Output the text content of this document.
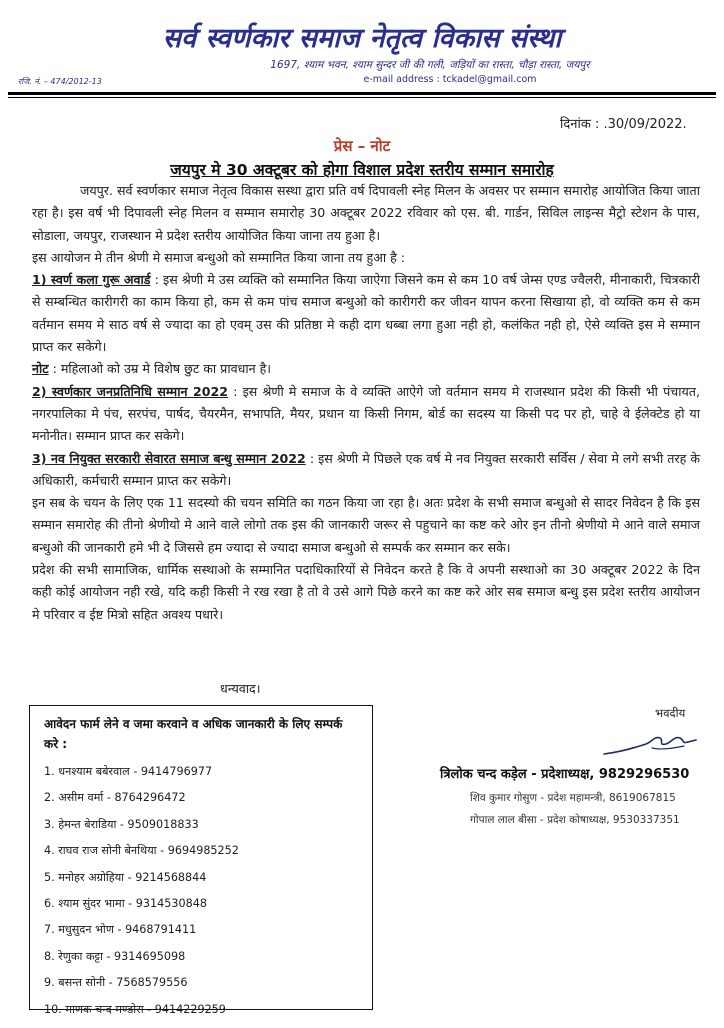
सर्व स्वर्णकार समाज नेतृत्व विकास संस्था
1697, श्याम भवन, श्याम सुन्दर जी की गली, जड़ियों का रास्ता, चौड़ा रास्ता, जयपुर
रजि. नं. – 474/2012-13	e-mail address : tckadel@gmail.com
दिनांक : .30/09/2022.
प्रेस – नोट
जयपुर मे 30 अक्टूबर को होगा विशाल प्रदेश स्तरीय सम्मान समारोह

जयपुर. सर्व स्वर्णकार समाज नेतृत्व विकास सस्था द्वारा प्रति वर्ष दिपावली स्नेह मिलन के अवसर पर सम्मान समारोह आयोजित किया जाता रहा है। इस वर्ष भी दिपावली स्नेह मिलन व सम्मान समारोह 30 अक्टूबर 2022 रविवार को एस. बी. गार्डन, सिविल लाइन्स मैट्रो स्टेशन के पास, सोडाला, जयपुर, राजस्थान मे प्रदेश स्तरीय आयोजित किया जाना तय हुआ है।

इस आयोजन मे तीन श्रेणी मे समाज बन्धुओ को सम्मानित किया जाना तय हुआ है :

1) स्वर्ण कला गुरू अवार्ड : इस श्रेणी मे उस व्यक्ति को सम्मानित किया जाऐगा जिसने कम से कम 10 वर्ष जेम्स एण्ड ज्वैलरी, मीनाकारी, चित्रकारी से सम्बन्धित कारीगरी का काम किया हो, कम से कम पांच समाज बन्धुओ को कारीगरी कर जीवन यापन करना सिखाया हो, वो व्यक्ति कम से कम वर्तमान समय मे साठ वर्ष से ज्यादा का हो एवम् उस की प्रतिष्ठा मे कही दाग धब्बा लगा हुआ नही हो, कलंकित नही हो, ऐसे व्यक्ति इस मे सम्मान प्राप्त कर सकेगे।

नोट : महिलाओ को उम्र मे विशेष छुट का प्रावधान है।

2) स्वर्णकार जनप्रतिनिधि सम्मान 2022 : इस श्रेणी मे समाज के वे व्यक्ति आऐगे जो वर्तमान समय मे राजस्थान प्रदेश की किसी भी पंचायत, नगरपालिका मे पंच, सरपंच, पार्षद, चैयरमैन, सभापति, मैयर, प्रधान या किसी निगम, बोर्ड का सदस्य या किसी पद पर हो, चाहे वे ईलेक्टेड हो या मनोनीत। सम्मान प्राप्त कर सकेगे।

3) नव नियुक्त सरकारी सेवारत समाज बन्धु सम्मान 2022 : इस श्रेणी मे पिछले एक वर्ष मे नव नियुक्त सरकारी सर्विस / सेवा मे लगे सभी तरह के अधिकारी, कर्मचारी सम्मान प्राप्त कर सकेगे।

इन सब के चयन के लिए एक 11 सदस्यो की चयन समिति का गठन किया जा रहा है। अतः प्रदेश के सभी समाज बन्धुओ से सादर निवेदन है कि इस सम्मान समारोह की तीनो श्रेणीयो मे आने वाले लोगो तक इस की जानकारी जरूर से पहुचाने का कष्ट करे ओर इन तीनो श्रेणीयो मे आने वाले समाज बन्धुओ की जानकारी हमे भी दे जिससे हम ज्यादा से ज्यादा समाज बन्धुओ से सम्पर्क कर सम्मान कर सके।

प्रदेश की सभी सामाजिक, धार्मिक सस्थाओ के सम्मानित पदाधिकारियों से निवेदन करते है कि वे अपनी सस्थाओ का 30 अक्टूबर 2022 के दिन कही कोई आयोजन नही रखे, यदि कही किसी ने रख रखा है तो वे उसे आगे पिछे करने का कष्ट करे ओर सब समाज बन्धु इस प्रदेश स्तरीय आयोजन मे परिवार व ईष्ट मित्रो सहित अवश्य पधारे।

धन्यवाद।
आवेदन फार्म लेने व जमा करवाने व अधिक जानकारी के लिए सम्पर्क करे :
1. धनश्याम बबेरवाल - 9414796977
2. असीम वर्मा - 8764296472
3. हेमन्त बेराडिया - 9509018833
4. राघव राज सोनी बेनथिया - 9694985252
5. मनोहर अग्रोहिया - 9214568844
6. श्याम सुंदर भामा - 9314530848
7. मधुसुदन भोण - 9468791411
8. रेणुका कट्टा - 9314695098
9. बसन्त सोनी - 7568579556
10. माणक चन्द मण्डोरा - 9414229259
भवदीय
त्रिलोक चन्द कड़ेल - प्रदेशाध्यक्ष, 9829296530
शिव कुमार गोसुण - प्रदेश महामन्त्री, 8619067815
गोपाल लाल बीसा - प्रदेश कोषाध्यक्ष, 9530337351
